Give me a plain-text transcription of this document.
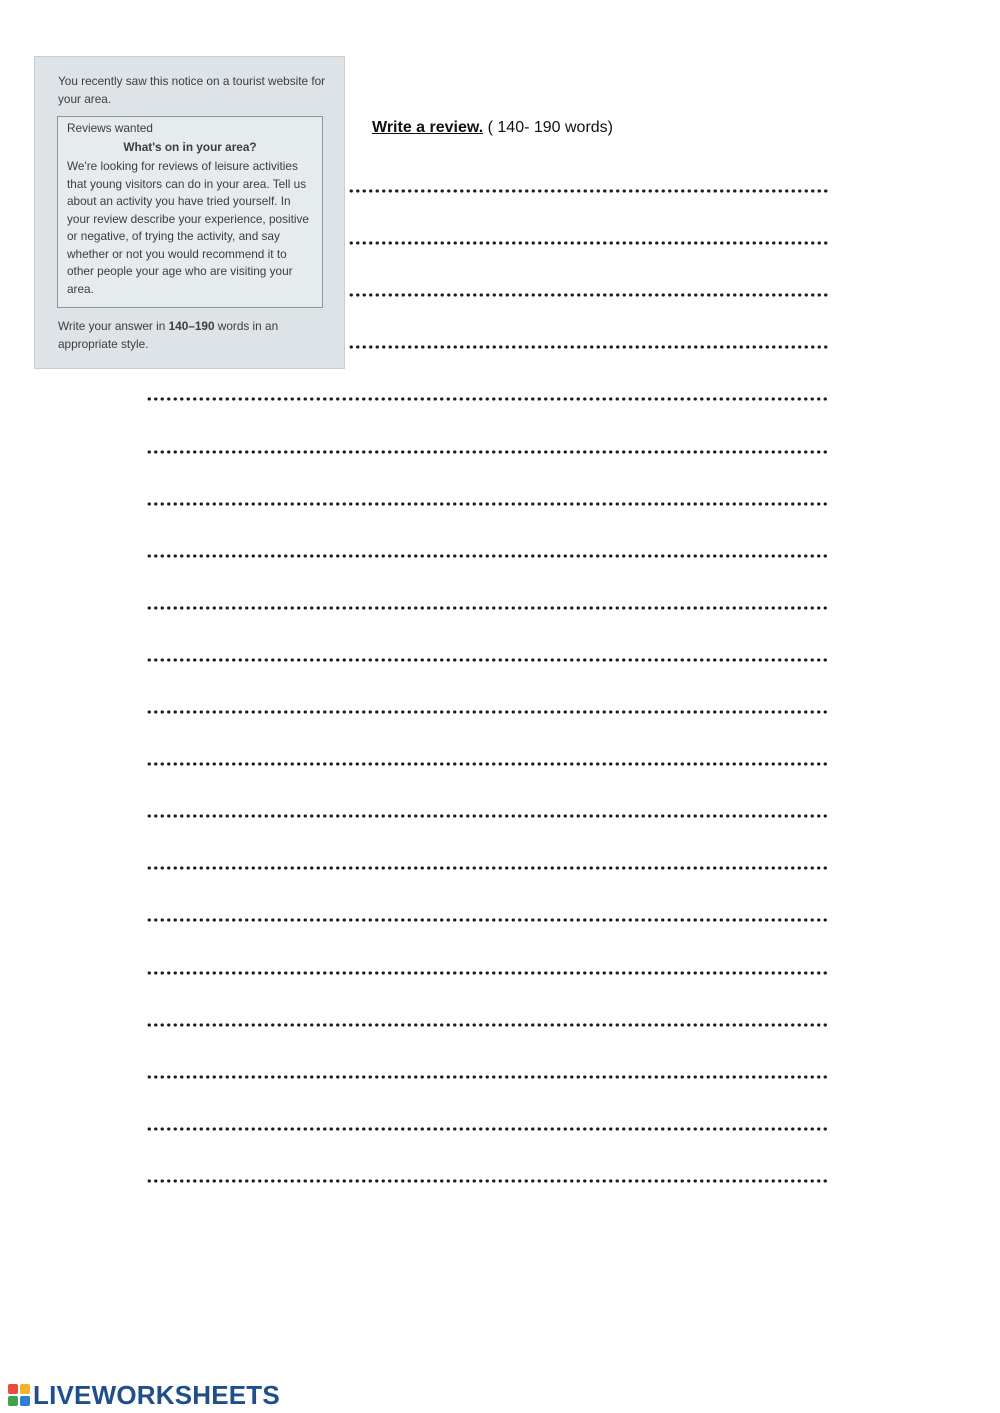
You recently saw this notice on a tourist website for your area.
Reviews wanted
What's on in your area?
We're looking for reviews of leisure activities that young visitors can do in your area. Tell us about an activity you have tried yourself. In your review describe your experience, positive or negative, of trying the activity, and say whether or not you would recommend it to other people your age who are visiting your area.
Write your answer in 140–190 words in an appropriate style.
Write a review. ( 140- 190 words)
LIVEWORKSHEETS
